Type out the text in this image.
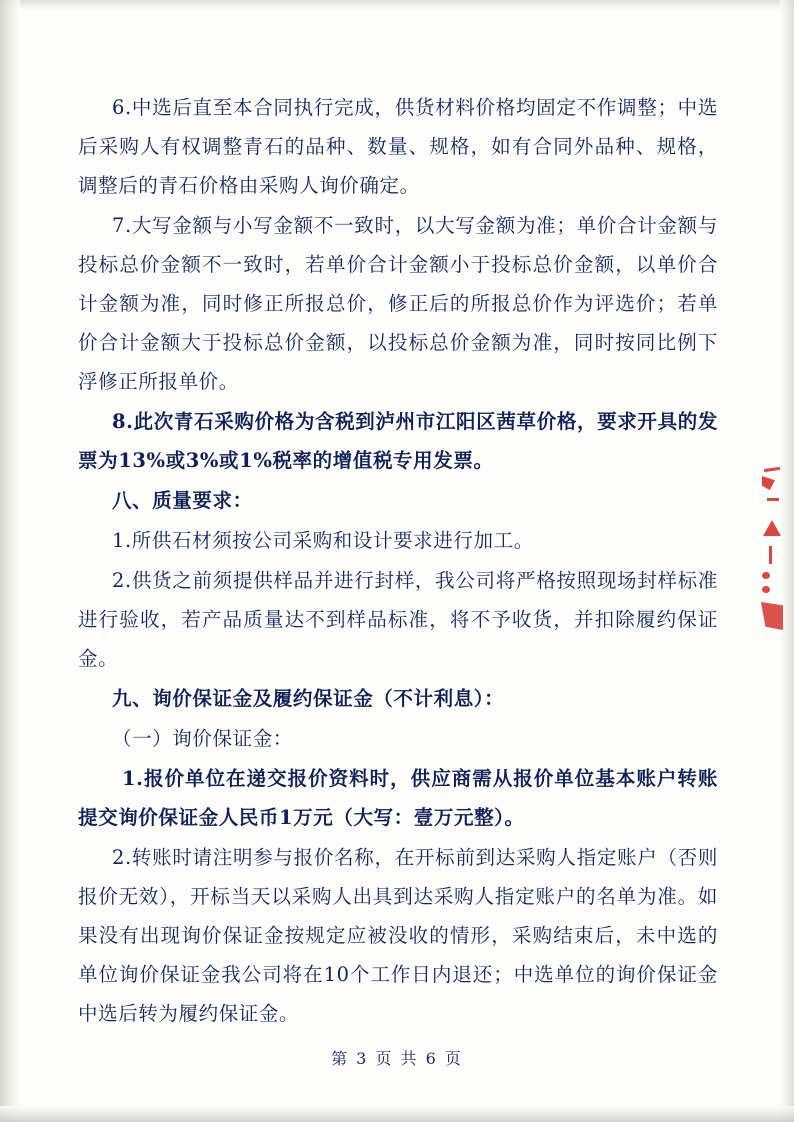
6.中选后直至本合同执行完成，供货材料价格均固定不作调整；中选后采购人有权调整青石的品种、数量、规格，如有合同外品种、规格，调整后的青石价格由采购人询价确定。

7.大写金额与小写金额不一致时，以大写金额为准；单价合计金额与投标总价金额不一致时，若单价合计金额小于投标总价金额，以单价合计金额为准，同时修正所报总价，修正后的所报总价作为评选价；若单价合计金额大于投标总价金额，以投标总价金额为准，同时按同比例下浮修正所报单价。

8.此次青石采购价格为含税到泸州市江阳区茜草价格，要求开具的发票为13%或3%或1%税率的增值税专用发票。

八、质量要求：

1.所供石材须按公司采购和设计要求进行加工。

2.供货之前须提供样品并进行封样，我公司将严格按照现场封样标准进行验收，若产品质量达不到样品标准，将不予收货，并扣除履约保证金。

九、询价保证金及履约保证金（不计利息）：

（一）询价保证金：

1.报价单位在递交报价资料时，供应商需从报价单位基本账户转账提交询价保证金人民币1万元（大写：壹万元整）。

2.转账时请注明参与报价名称，在开标前到达采购人指定账户（否则报价无效），开标当天以采购人出具到达采购人指定账户的名单为准。如果没有出现询价保证金按规定应被没收的情形，采购结束后，未中选的单位询价保证金我公司将在10个工作日内退还；中选单位的询价保证金中选后转为履约保证金。

第 3 页 共 6 页
